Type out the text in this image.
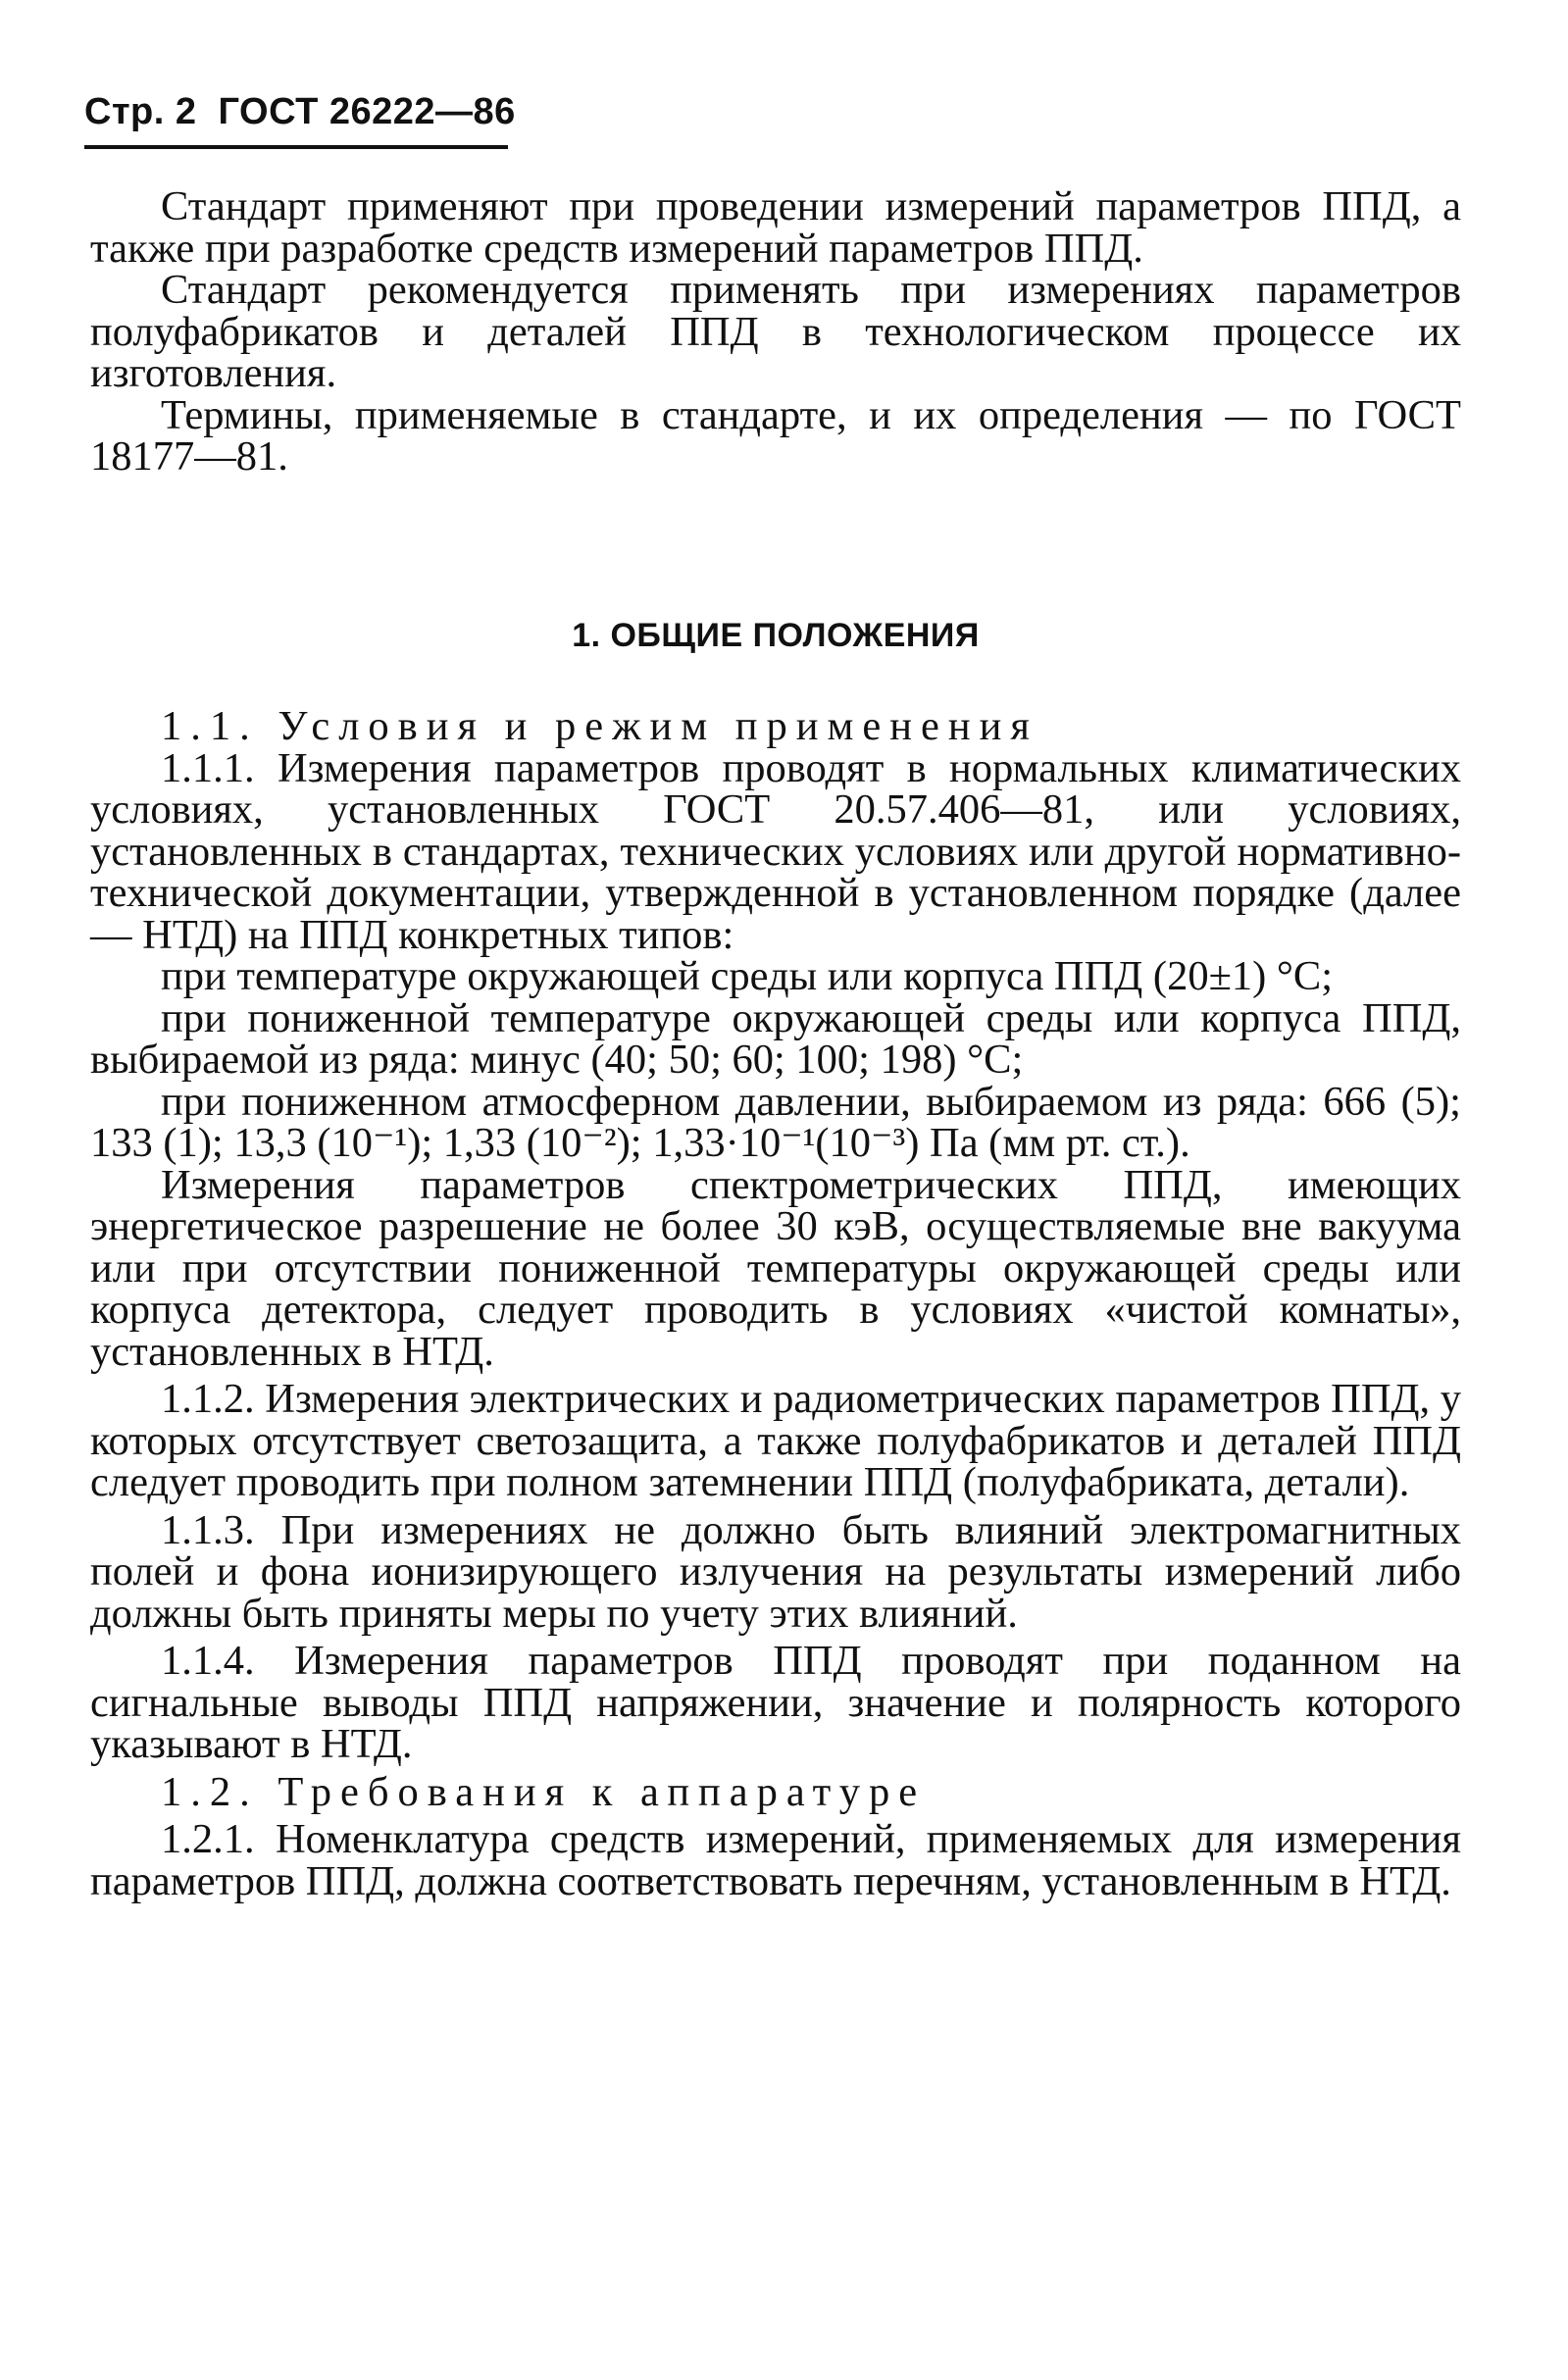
Стр. 2 ГОСТ 26222—86

Стандарт применяют при проведении измерений параметров ППД, а также при разработке средств измерений параметров ППД.

Стандарт рекомендуется применять при измерениях параметров полуфабрикатов и деталей ППД в технологическом процессе их изготовления.

Термины, применяемые в стандарте, и их определения — по ГОСТ 18177—81.

1. ОБЩИЕ ПОЛОЖЕНИЯ

1.1. Условия и режим применения

1.1.1. Измерения параметров проводят в нормальных климатических условиях, установленных ГОСТ 20.57.406—81, или условиях, установленных в стандартах, технических условиях или другой нормативно-технической документации, утвержденной в установленном порядке (далее — НТД) на ППД конкретных типов:

при температуре окружающей среды или корпуса ППД (20±1) °С;

при пониженной температуре окружающей среды или корпуса ППД, выбираемой из ряда: минус (40; 50; 60; 100; 198) °С;

при пониженном атмосферном давлении, выбираемом из ряда: 666 (5); 133 (1); 13,3 (10⁻¹); 1,33 (10⁻²); 1,33·10⁻¹(10⁻³) Па (мм рт. ст.).

Измерения параметров спектрометрических ППД, имеющих энергетическое разрешение не более 30 кэВ, осуществляемые вне вакуума или при отсутствии пониженной температуры окружающей среды или корпуса детектора, следует проводить в условиях «чистой комнаты», установленных в НТД.

1.1.2. Измерения электрических и радиометрических параметров ППД, у которых отсутствует светозащита, а также полуфабрикатов и деталей ППД следует проводить при полном затемнении ППД (полуфабриката, детали).

1.1.3. При измерениях не должно быть влияний электромагнитных полей и фона ионизирующего излучения на результаты измерений либо должны быть приняты меры по учету этих влияний.

1.1.4. Измерения параметров ППД проводят при поданном на сигнальные выводы ППД напряжении, значение и полярность которого указывают в НТД.

1.2. Требования к аппаратуре

1.2.1. Номенклатура средств измерений, применяемых для измерения параметров ППД, должна соответствовать перечням, установленным в НТД.
